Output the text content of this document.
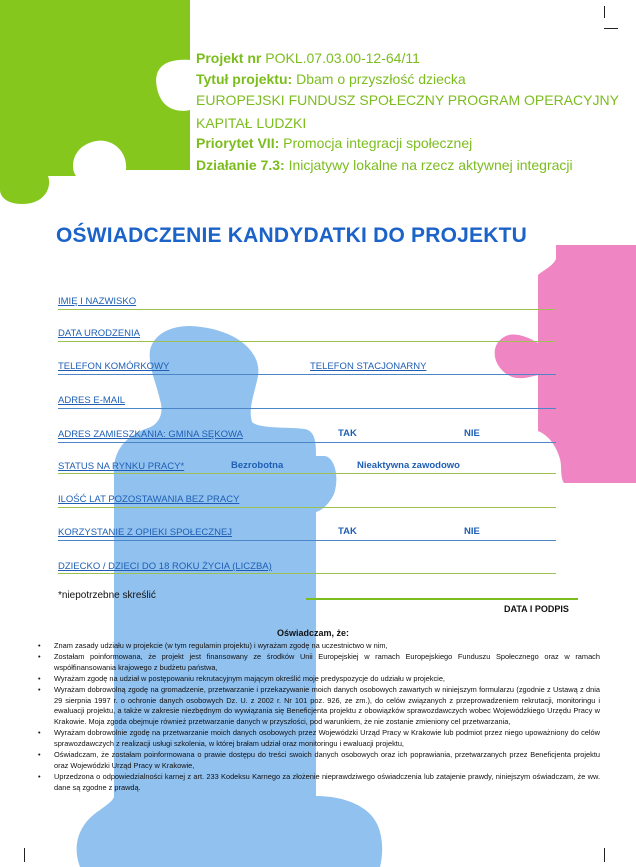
Projekt nr POKL.07.03.00-12-64/11
Tytuł projektu: Dbam o przyszłość dziecka
EUROPEJSKI FUNDUSZ SPOŁECZNY PROGRAM OPERACYJNY
KAPITAŁ LUDZKI
Priorytet VII: Promocja integracji społecznej
Działanie 7.3: Inicjatywy lokalne na rzecz aktywnej integracji
OŚWIADCZENIE KANDYDATKI DO PROJEKTU
IMIĘ I NAZWISKO
DATA URODZENIA
TELEFON KOMÓRKOWY	TELEFON STACJONARNY
ADRES E-MAIL
ADRES ZAMIESZKANIA: GMINA SĘKOWA	TAK	NIE
STATUS NA RYNKU PRACY*	Bezrobotna	Nieaktywna zawodowo
ILOŚĆ LAT POZOSTAWANIA BEZ PRACY
KORZYSTANIE Z OPIEKI SPOŁECZNEJ	TAK	NIE
DZIECKO / DZIECI DO 18 ROKU ŻYCIA (LICZBA)
*niepotrzebne skreślić
DATA I PODPIS
Oświadczam, że:
• Znam zasady udziału w projekcie (w tym regulamin projektu) i wyrażam zgodę na uczestnictwo w nim,
• Zostałam poinformowana, że projekt jest finansowany ze środków Unii Europejskiej w ramach Europejskiego Funduszu Społecznego oraz w ramach współfinansowania krajowego z budżetu państwa,
• Wyrażam zgodę na udział w postępowaniu rekrutacyjnym mającym określić moje predyspozycje do udziału w projekcie,
• Wyrażam dobrowolną zgodę na gromadzenie, przetwarzanie i przekazywanie moich danych osobowych zawartych w niniejszym formularzu (zgodnie z Ustawą z dnia 29 sierpnia 1997 r. o ochronie danych osobowych Dz. U. z 2002 r. Nr 101 poz. 926, ze zm.), do celów związanych z przeprowadzeniem rekrutacji, monitoringu i ewaluacji projektu, a także w zakresie niezbędnym do wywiązania się Beneficjenta projektu z obowiązków sprawozdawczych wobec Wojewódzkiego Urzędu Pracy w Krakowie. Moja zgoda obejmuje również przetwarzanie danych w przyszłości, pod warunkiem, że nie zostanie zmieniony cel przetwarzania,
• Wyrażam dobrowolnie zgodę na przetwarzanie moich danych osobowych przez Wojewódzki Urząd Pracy w Krakowie lub podmiot przez niego upoważniony do celów sprawozdawczych z realizacji usługi szkolenia, w której brałam udział oraz monitoringu i ewaluacji projektu,
• Oświadczam, że zostałam poinformowana o prawie dostępu do treści swoich danych osobowych oraz ich poprawiania, przetwarzanych przez Beneficjenta projektu oraz Wojewódzki Urząd Pracy w Krakowie,
• Uprzedzona o odpowiedzialności karnej z art. 233 Kodeksu Karnego za złożenie nieprawdziwego oświadczenia lub zatajenie prawdy, niniejszym oświadczam, że ww. dane są zgodne z prawdą.
